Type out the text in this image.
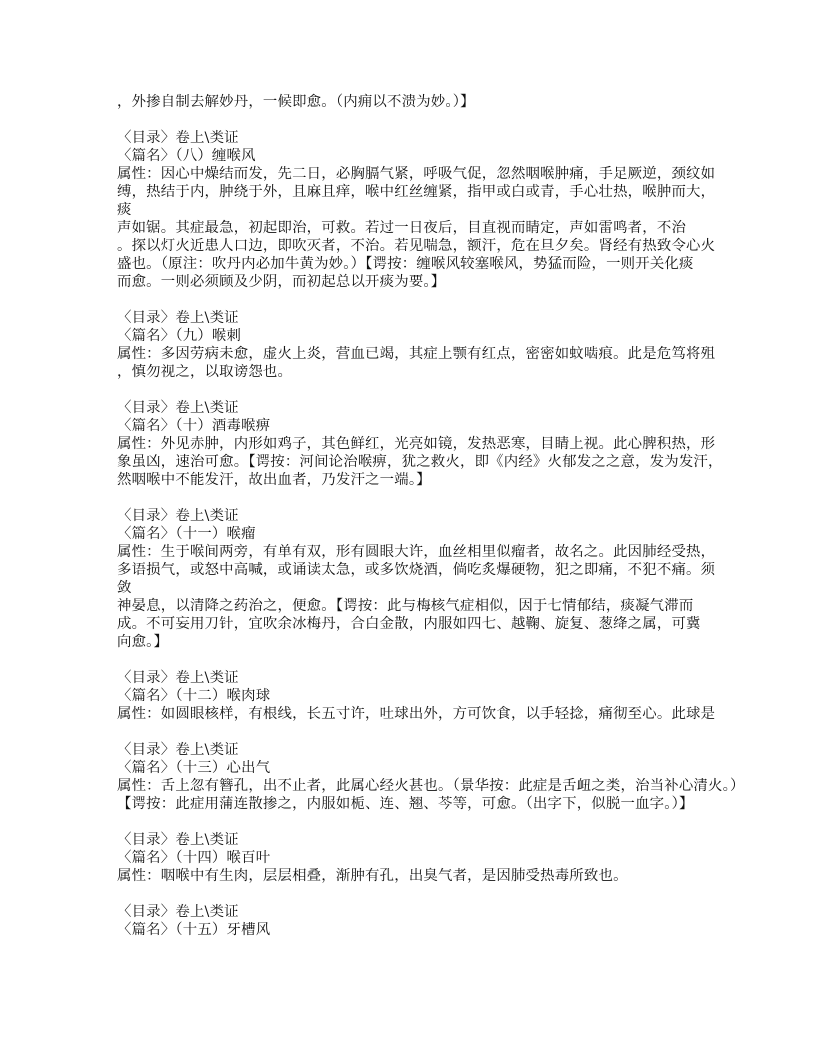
，外掺自制去解妙丹，一候即愈。（内痈以不溃为妙。）】
〈目录〉卷上\类证
〈篇名〉（八）缠喉风
属性：因心中燥结而发，先二日，必胸膈气紧，呼吸气促，忽然咽喉肿痛，手足厥逆，颈纹如
缚，热结于内，肿绕于外，且麻且痒，喉中红丝缠紧，指甲或白或青，手心壮热，喉肿而大，
痰
声如锯。其症最急，初起即治，可救。若过一日夜后，目直视而睛定，声如雷鸣者，不治
。探以灯火近患人口边，即吹灭者，不治。若见喘急，额汗，危在旦夕矣。肾经有热致令心火
盛也。（原注：吹丹内必加牛黄为妙。）【谔按：缠喉风较塞喉风，势猛而险，一则开关化痰
而愈。一则必须顾及少阴，而初起总以开痰为要。】
〈目录〉卷上\类证
〈篇名〉（九）喉刺
属性：多因劳病未愈，虚火上炎，营血已竭，其症上颚有红点，密密如蚊啮痕。此是危笃将殂
，慎勿视之，以取谤怨也。
〈目录〉卷上\类证
〈篇名〉（十）酒毒喉痹
属性：外见赤肿，内形如鸡子，其色鲜红，光亮如镜，发热恶寒，目睛上视。此心脾积热，形
象虽凶，速治可愈。【谔按：河间论治喉痹，犹之救火，即《内经》火郁发之之意，发为发汗，
然咽喉中不能发汗，故出血者，乃发汗之一端。】
〈目录〉卷上\类证
〈篇名〉（十一）喉瘤
属性：生于喉间两旁，有单有双，形有圆眼大许，血丝相里似瘤者，故名之。此因肺经受热，
多语损气，或怒中高喊，或诵读太急，或多饮烧酒，倘吃炙爆硬物，犯之即痛，不犯不痛。须
敛
神晏息，以清降之药治之，便愈。【谔按：此与梅核气症相似，因于七情郁结，痰凝气滞而
成。不可妄用刀针，宜吹余冰梅丹，合白金散，内服如四七、越鞠、旋复、葱绛之属，可冀
向愈。】
〈目录〉卷上\类证
〈篇名〉（十二）喉肉球
属性：如圆眼核样，有根线，长五寸许，吐球出外，方可饮食，以手轻捻，痛彻至心。此球是
〈目录〉卷上\类证
〈篇名〉（十三）心出气
属性：舌上忽有簪孔，出不止者，此属心经火甚也。（景华按：此症是舌衄之类，治当补心清火。）
【谔按：此症用蒲连散掺之，内服如栀、连、翘、芩等，可愈。（出字下，似脱一血字。）】
〈目录〉卷上\类证
〈篇名〉（十四）喉百叶
属性：咽喉中有生肉，层层相叠，渐肿有孔，出臭气者，是因肺受热毒所致也。
〈目录〉卷上\类证
〈篇名〉（十五）牙槽风
